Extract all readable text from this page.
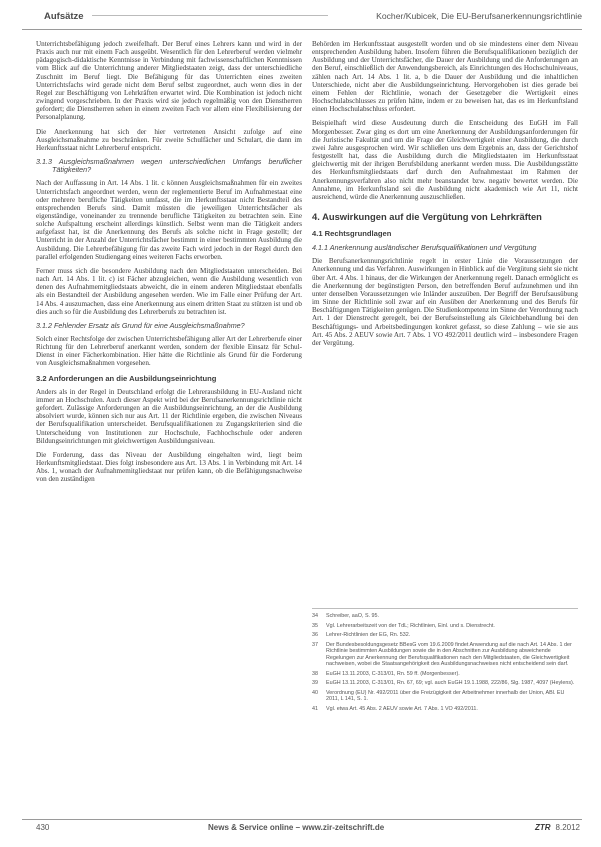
Aufsätze	Kocher/Kubicek, Die EU-Berufsanerkennungsrichtlinie

Unterrichtsbefähigung jedoch zweifelhaft. Der Beruf eines Lehrers kann und wird in der Praxis auch nur mit einem Fach ausgeübt. Wesentlich für den Lehrerberuf werden vielmehr pädagogisch-didaktische Kenntnisse in Verbindung mit fachwissenschaftlichen Kenntnissen vom Blick auf die Unterrichtung anderer Mitgliedstaaten zeigt, dass der unterschiedliche Zuschnitt im Beruf liegt. Die Befähigung für das Unterrichten eines zweiten Unterrichtsfachs wird gerade nicht dem Beruf selbst zugeordnet, auch wenn dies in der Regel zur Beschäftigung von Lehrkräften erwartet wird. Die Kombination ist jedoch nicht zwingend vorgeschrieben. In der Praxis wird sie jedoch regelmäßig von den Dienstherren gefordert; die Dienstherren sehen in einem zweiten Fach vor allem eine Flexibilisierung der Personalplanung.

Die Anerkennung hat sich der hier vertretenen Ansicht zufolge auf eine Ausgleichsmaßnahme zu beschränken. Für zweite Schulfächer und Schulart, die dann im Herkunftsstaat nicht Lehrerberuf entspricht.

3.1.3 Ausgleichsmaßnahmen wegen unterschiedlichen Umfangs beruflicher Tätigkeiten?

Nach der Auffassung in Art. 14 Abs. 1 lit. c können Ausgleichsmaßnahmen für ein zweites Unterrichtsfach angeordnet werden, wenn der reglementierte Beruf im Aufnahmestaat eine oder mehrere berufliche Tätigkeiten umfasst, die im Herkunftsstaat nicht Bestandteil des entsprechenden Berufs sind. Damit müssten die jeweiligen Unterrichtsfächer als eigenständige, voneinander zu trennende berufliche Tätigkeiten zu betrachten sein. Eine solche Aufspaltung erscheint allerdings künstlich. Selbst wenn man die Tätigkeit anders aufgefasst hat, ist die Anerkennung des Berufs als solche nicht in Frage gestellt; der Unterricht in der Anzahl der Unterrichtsfächer bestimmt in einer bestimmten Ausbildung die Ausbildung. Die Lehrerbefähigung für das zweite Fach wird jedoch in der Regel durch den parallel erfolgenden Studiengang eines weiteren Fachs erworben.

Ferner muss sich die besondere Ausbildung nach den Mitgliedstaaten unterscheiden. Bei nach Art. 14 Abs. 1 lit. c) ist Fächer abzugleichen, wenn die Ausbildung wesentlich von denen des Aufnahmemitgliedstaats abweicht, die in einem anderen Mitgliedstaat ebenfalls als ein Bestandteil der Ausbildung angesehen werden. Wie im Falle einer Prüfung der Art. 14 Abs. 4 auszumachen, dass eine Anerkennung aus einem dritten Staat zu stützen ist und ob dies auch so für die Ausbildung des Lehrerberufs zu betrachten ist.

3.1.2 Fehlender Ersatz als Grund für eine Ausgleichsmaßnahme?

Solch einer Rechtsfolge der zwischen Unterrichtsbefähigung aller Art der Lehrerberufe einer Richtung für den Lehrerberuf anerkannt werden, sondern der flexible Einsatz für Schul-Dienst in einer Fächerkombination. Hier hätte die Richtlinie als Grund für die Forderung von Ausgleichsmaßnahmen vorgesehen.

3.2 Anforderungen an die Ausbildungseinrichtung

Anders als in der Regel in Deutschland erfolgt die Lehrerausbildung in EU-Ausland nicht immer an Hochschulen. Auch dieser Aspekt wird bei der Berufsanerkennungsrichtlinie nicht gefordert. Zulässige Anforderungen an die Ausbildungseinrichtung, an der die Ausbildung absolviert wurde, können sich nur aus Art. 11 der Richtlinie ergeben, die zwischen Niveaus der Berufsqualifikation unterscheidet. Berufsqualifikationen zu Zugangskriterien sind die Unterscheidung von Institutionen zur Hochschule, Fachhochschule oder anderen Bildungseinrichtungen mit gleichwertigen Ausbildungsniveau.

Die Forderung, dass das Niveau der Ausbildung eingehalten wird, liegt beim Herkunftsmitgliedstaat. Dies folgt insbesondere aus Art. 13 Abs. 1 in Verbindung mit Art. 14 Abs. 1, wonach der Aufnahmemitgliedstaat nur prüfen kann, ob die Befähigungsnachweise von den zuständigen

Behörden im Herkunftsstaat ausgestellt worden und ob sie mindestens einer dem Niveau entsprechenden Ausbildung haben. Insofern führen die Berufsqualifikationen bezüglich der Ausbildung und der Unterrichtsfächer, die Dauer der Ausbildung und die Anforderungen an den Beruf, einschließlich der Anwendungsbereich, als Einrichtungen des Hochschulniveaus, zählen nach Art. 14 Abs. 1 lit. a, b die Dauer der Ausbildung und die inhaltlichen Unterschiede, nicht aber die Ausbildungseinrichtung. Hervorgehoben ist dies gerade bei einem Fehlen der Richtlinie, wonach der Gesetzgeber die Wertigkeit eines Hochschulabschlusses zu prüfen hätte, indem er zu beweisen hat, das es im Herkunftsland einen Hochschulabschluss erfordert.

Beispielhaft wird diese Ausdeutung durch die Entscheidung des EuGH im Fall Morgenbesser. Zwar ging es dort um eine Anerkennung der Ausbildungsanforderungen für die Juristische Fakultät und um die Frage der Gleichwertigkeit einer Ausbildung, die durch zwei Jahre ausgesprochen wird. Wir schließen uns dem Ergebnis an, dass der Gerichtshof festgestellt hat, dass die Ausbildung durch die Mitgliedstaaten im Herkunftsstaat gleichwertig mit der ihrigen Berufsbildung anerkannt werden muss. Die Ausbildungsstätte des Herkunftsmitgliedstaats darf durch den Aufnahmestaat im Rahmen der Anerkennungsverfahren also nicht mehr beanstandet bzw. negativ bewertet werden. Die Annahme, im Herkunftsland sei die Ausbildung nicht akademisch wie Art 11, nicht ausreichend, würde die Anerkennung auszuschließen.

4. Auswirkungen auf die Vergütung von Lehrkräften
4.1 Rechtsgrundlagen
4.1.1 Anerkennung ausländischer Berufsqualifikationen und Vergütung

Die Berufsanerkennungsrichtlinie regelt in erster Linie die Voraussetzungen der Anerkennung und das Verfahren. Auswirkungen in Hinblick auf die Vergütung sieht sie nicht über Art. 4 Abs. 1 hinaus, der die Wirkungen der Anerkennung regelt. Danach ermöglicht es die Anerkennung der begünstigten Person, den betreffenden Beruf aufzunehmen und ihn unter denselben Voraussetzungen wie Inländer auszuüben. Der Begriff der Berufsausübung im Sinne der Richtlinie soll zwar auf ein Ausüben der Anerkennung und des Berufs für Beschäftigungen Tätigkeiten genügen. Die Studienkompetenz im Sinne der Verordnung nach Art. 1 der Dienstrecht geregelt, bei der Berufseinstellung als Gleichbehandlung bei den Beschäftigungs- und Arbeitsbedingungen konkret gefasst, so diese Zahlung – wie sie aus Art. 45 Abs. 2 AEUV sowie Art. 7 Abs. 1 VO 492/2011 deutlich wird – insbesondere Fragen der Vergütung.

34	Schreiber, aaO, S. 95.
35	Vgl. Lehrerarbeitszeit von der TdL; Richtlinien, Einl. und s. Dienstrecht.
36	Lehrer-Richtlinien der EG, Rn. 532.
37	Der Bundesbesoldungsgesetz BBesG vom 19.6.2009 findet Anwendung auf die nach Art. 14 Abs. 1 der Richtlinie bestimmten Ausbildungen sowie die in den Abschnitten zur Ausbildung abweichende Regelungen zur Anerkennung der Berufsqualifikationen nach den Mitgliedstaaten, die Gleichwertigkeit nachweisen, wobei die Staatsangehörigkeit des Ausbildungsnachweises nicht entscheidend sein darf.
38	EuGH 13.11.2003, C-313/01, Rn. 59 ff. (Morgenbesser).
39	EuGH 13.11.2003, C-313/01, Rn. 67, 69; vgl. auch EuGH 19.1.1988, 222/86, Slg. 1987, 4097 (Heylens).
40	Verordnung (EU) Nr. 492/2011 über die Freizügigkeit der Arbeitnehmer innerhalb der Union, ABl. EU 2011, L 141, S. 1.
41	Vgl. etwa Art. 45 Abs. 2 AEUV sowie Art. 7 Abs. 1 VO 492/2011.
430	News & Service online – www.zir-zeitschrift.de	ZTR 8.2012
